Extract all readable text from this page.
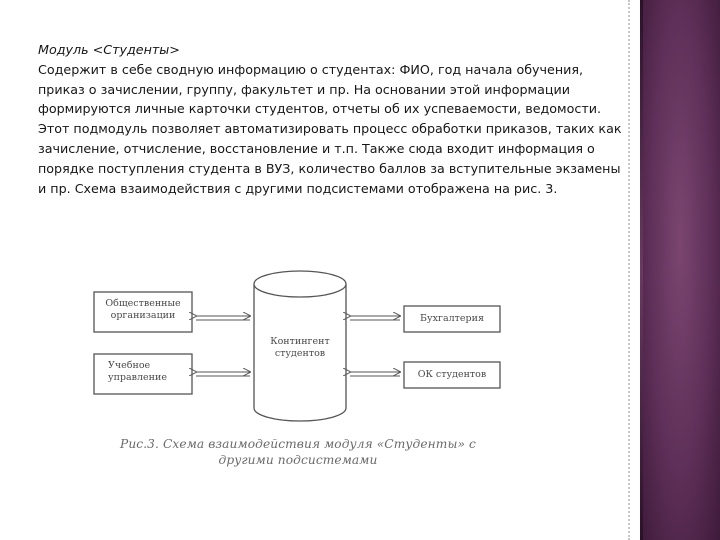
Модуль <Студенты>

Содержит в себе сводную информацию о студентах: ФИО, год начала обучения, приказ о зачислении, группу, факультет и пр. На основании этой информации формируются личные карточки студентов, отчеты об их успеваемости, ведомости. Этот подмодуль позволяет автоматизировать процесс обработки приказов, таких как зачисление, отчисление, восстановление и т.п. Также сюда входит информация о порядке поступления студента в ВУЗ, количество баллов за вступительные экзамены и пр. Схема взаимодействия с другими подсистемами отображена на рис. 3.

Общественные
организации
Учебное
управление
Контингент
студентов
Бухгалтерия
ОК студентов
Рис.3. Схема взаимодействия модуля «Студенты» с
другими подсистемами
